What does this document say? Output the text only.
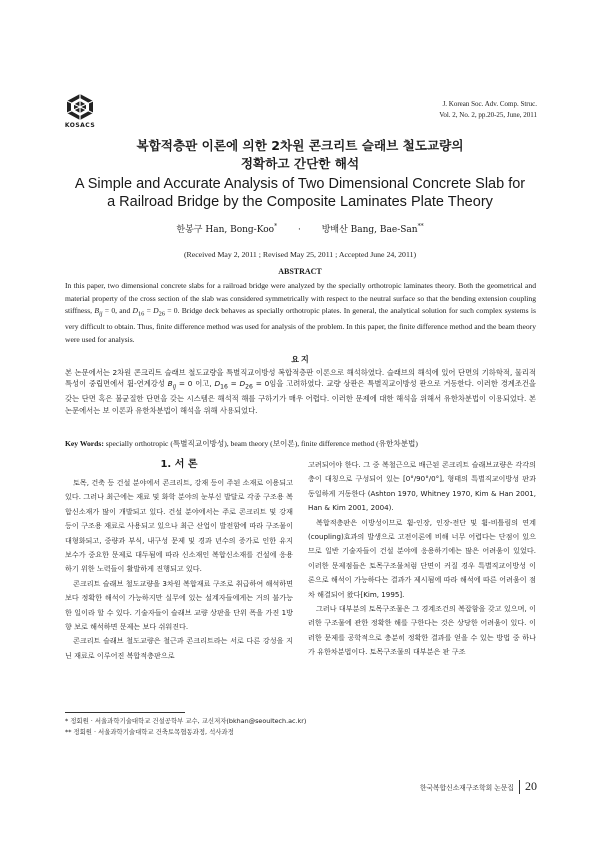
KOSACS
J. Korean Soc. Adv. Comp. Struc.
Vol. 2, No. 2, pp.20-25, June, 2011
복합적층판 이론에 의한 2차원 콘크리트 슬래브 철도교량의
정확하고 간단한 해석
A Simple and Accurate Analysis of Two Dimensional Concrete Slab for
a Railroad Bridge by the Composite Laminates Plate Theory
한봉구 Han, Bong-Koo* · 방배산 Bang, Bae-San**
(Received May 2, 2011 ; Revised May 25, 2011 ; Accepted June 24, 2011)
ABSTRACT
In this paper, two dimensional concrete slabs for a railroad bridge were analyzed by the specially orthotropic laminates theory. Both the geometrical and material property of the cross section of the slab was considered symmetrically with respect to the neutral surface so that the bending extension coupling stiffness, $B_{ij} = 0$, and $D_{16} = D_{26} = 0$. Bridge deck behaves as specially orthotropic plates. In general, the analytical solution for such complex systems is very difficult to obtain. Thus, finite difference method was used for analysis of the problem. In this paper, the finite difference method and the beam theory were used for analysis.
요 지
본 논문에서는 2차원 콘크리트 슬래브 철도교량을 특별직교이방성 복합적층판 이론으로 해석하였다. 슬래브의 해석에 있어 단면의 기하학적, 물리적 특성이 중립면에서 휨-연계강성 $B_{ij} = 0$ 이고, $D_{16} = D_{26} = 0$임을 고려하였다. 교량 상판은 특별직교이방성 판으로 거동한다. 이러한 경계조건을 갖는 단면 혹은 불균질한 단면을 갖는 시스템은 해석적 해를 구하기가 매우 어렵다. 이러한 문제에 대한 해석을 위해서 유한차분법이 이용되었다. 본 논문에서는 보 이론과 유한차분법이 해석을 위해 사용되었다.
Key Words: specially orthotropic (특별직교이방성), beam theory (보이론), finite difference method (유한차분법)
1. 서 론

토목, 건축 등 건설 분야에서 콘크리트, 강재 등이 주된 소재로 이용되고 있다. 그러나 최근에는 재료 및 화학 분야의 눈부신 발달로 각종 구조용 복합신소재가 많이 개발되고 있다. 건설 분야에서는 주로 콘크리트 및 강재 등이 구조용 재료로 사용되고 있으나 최근 산업이 발전함에 따라 구조물이 대형화되고, 중량과 부식, 내구성 문제 및 경과 년수의 증가로 인한 유지 보수가 중요한 문제로 대두됨에 따라 신소재인 복합신소재를 건설에 응용하기 위한 노력들이 활발하게 진행되고 있다.

콘크리트 슬래브 철도교량을 3차원 복합재료 구조로 취급하여 해석하면 보다 정확한 해석이 가능하지만 실무에 있는 설계자들에게는 거의 불가능한 일이라 할 수 있다. 기술자들이 슬래브 교량 상판을 단위 폭을 가진 1방향 보로 해석하면 문제는 보다 쉬워진다.

콘크리트 슬래브 철도교량은 철근과 콘크리트라는 서로 다른 강성을 지닌 재료로 이루어진 복합적층판으로

고려되어야 한다. 그 중 복철근으로 배근된 콘크리트 슬래브교량은 각각의 층이 대칭으로 구성되어 있는 [0°/90°/0°], 형태의 특별직교이방성 판과 동일하게 거동한다 (Ashton 1970, Whitney 1970, Kim & Han 2001, Han & Kim 2001, 2004).

복합적층판은 이방성이므로 휨-인장, 인장-전단 및 휨-비틀림의 연계(coupling)효과의 발생으로 고전이론에 비해 너무 어렵다는 단점이 있으므로 일반 기술자들이 건설 분야에 응용하기에는 많은 어려움이 있었다. 이러한 문제점들은 토목구조물처럼 단면이 커질 경우 특별직교이방성 이론으로 해석이 가능하다는 결과가 제시됨에 따라 해석에 따른 어려움이 점차 해결되어 왔다[Kim, 1995].

그러나 대부분의 토목구조물은 그 경계조건의 복잡함을 갖고 있으며, 이러한 구조물에 관한 정확한 해를 구한다는 것은 상당한 어려움이 있다. 이러한 문제를 공학적으로 충분히 정확한 결과를 얻을 수 있는 방법 중 하나가 유한차분법이다. 토목구조물의 대부분은 판 구조

* 정회원 · 서울과학기술대학교 건설공학부 교수, 교신저자(bkhan@seoultech.ac.kr)
** 정회원 · 서울과학기술대학교 건축토목협동과정, 석사과정
한국복합신소재구조학회 논문집 20
